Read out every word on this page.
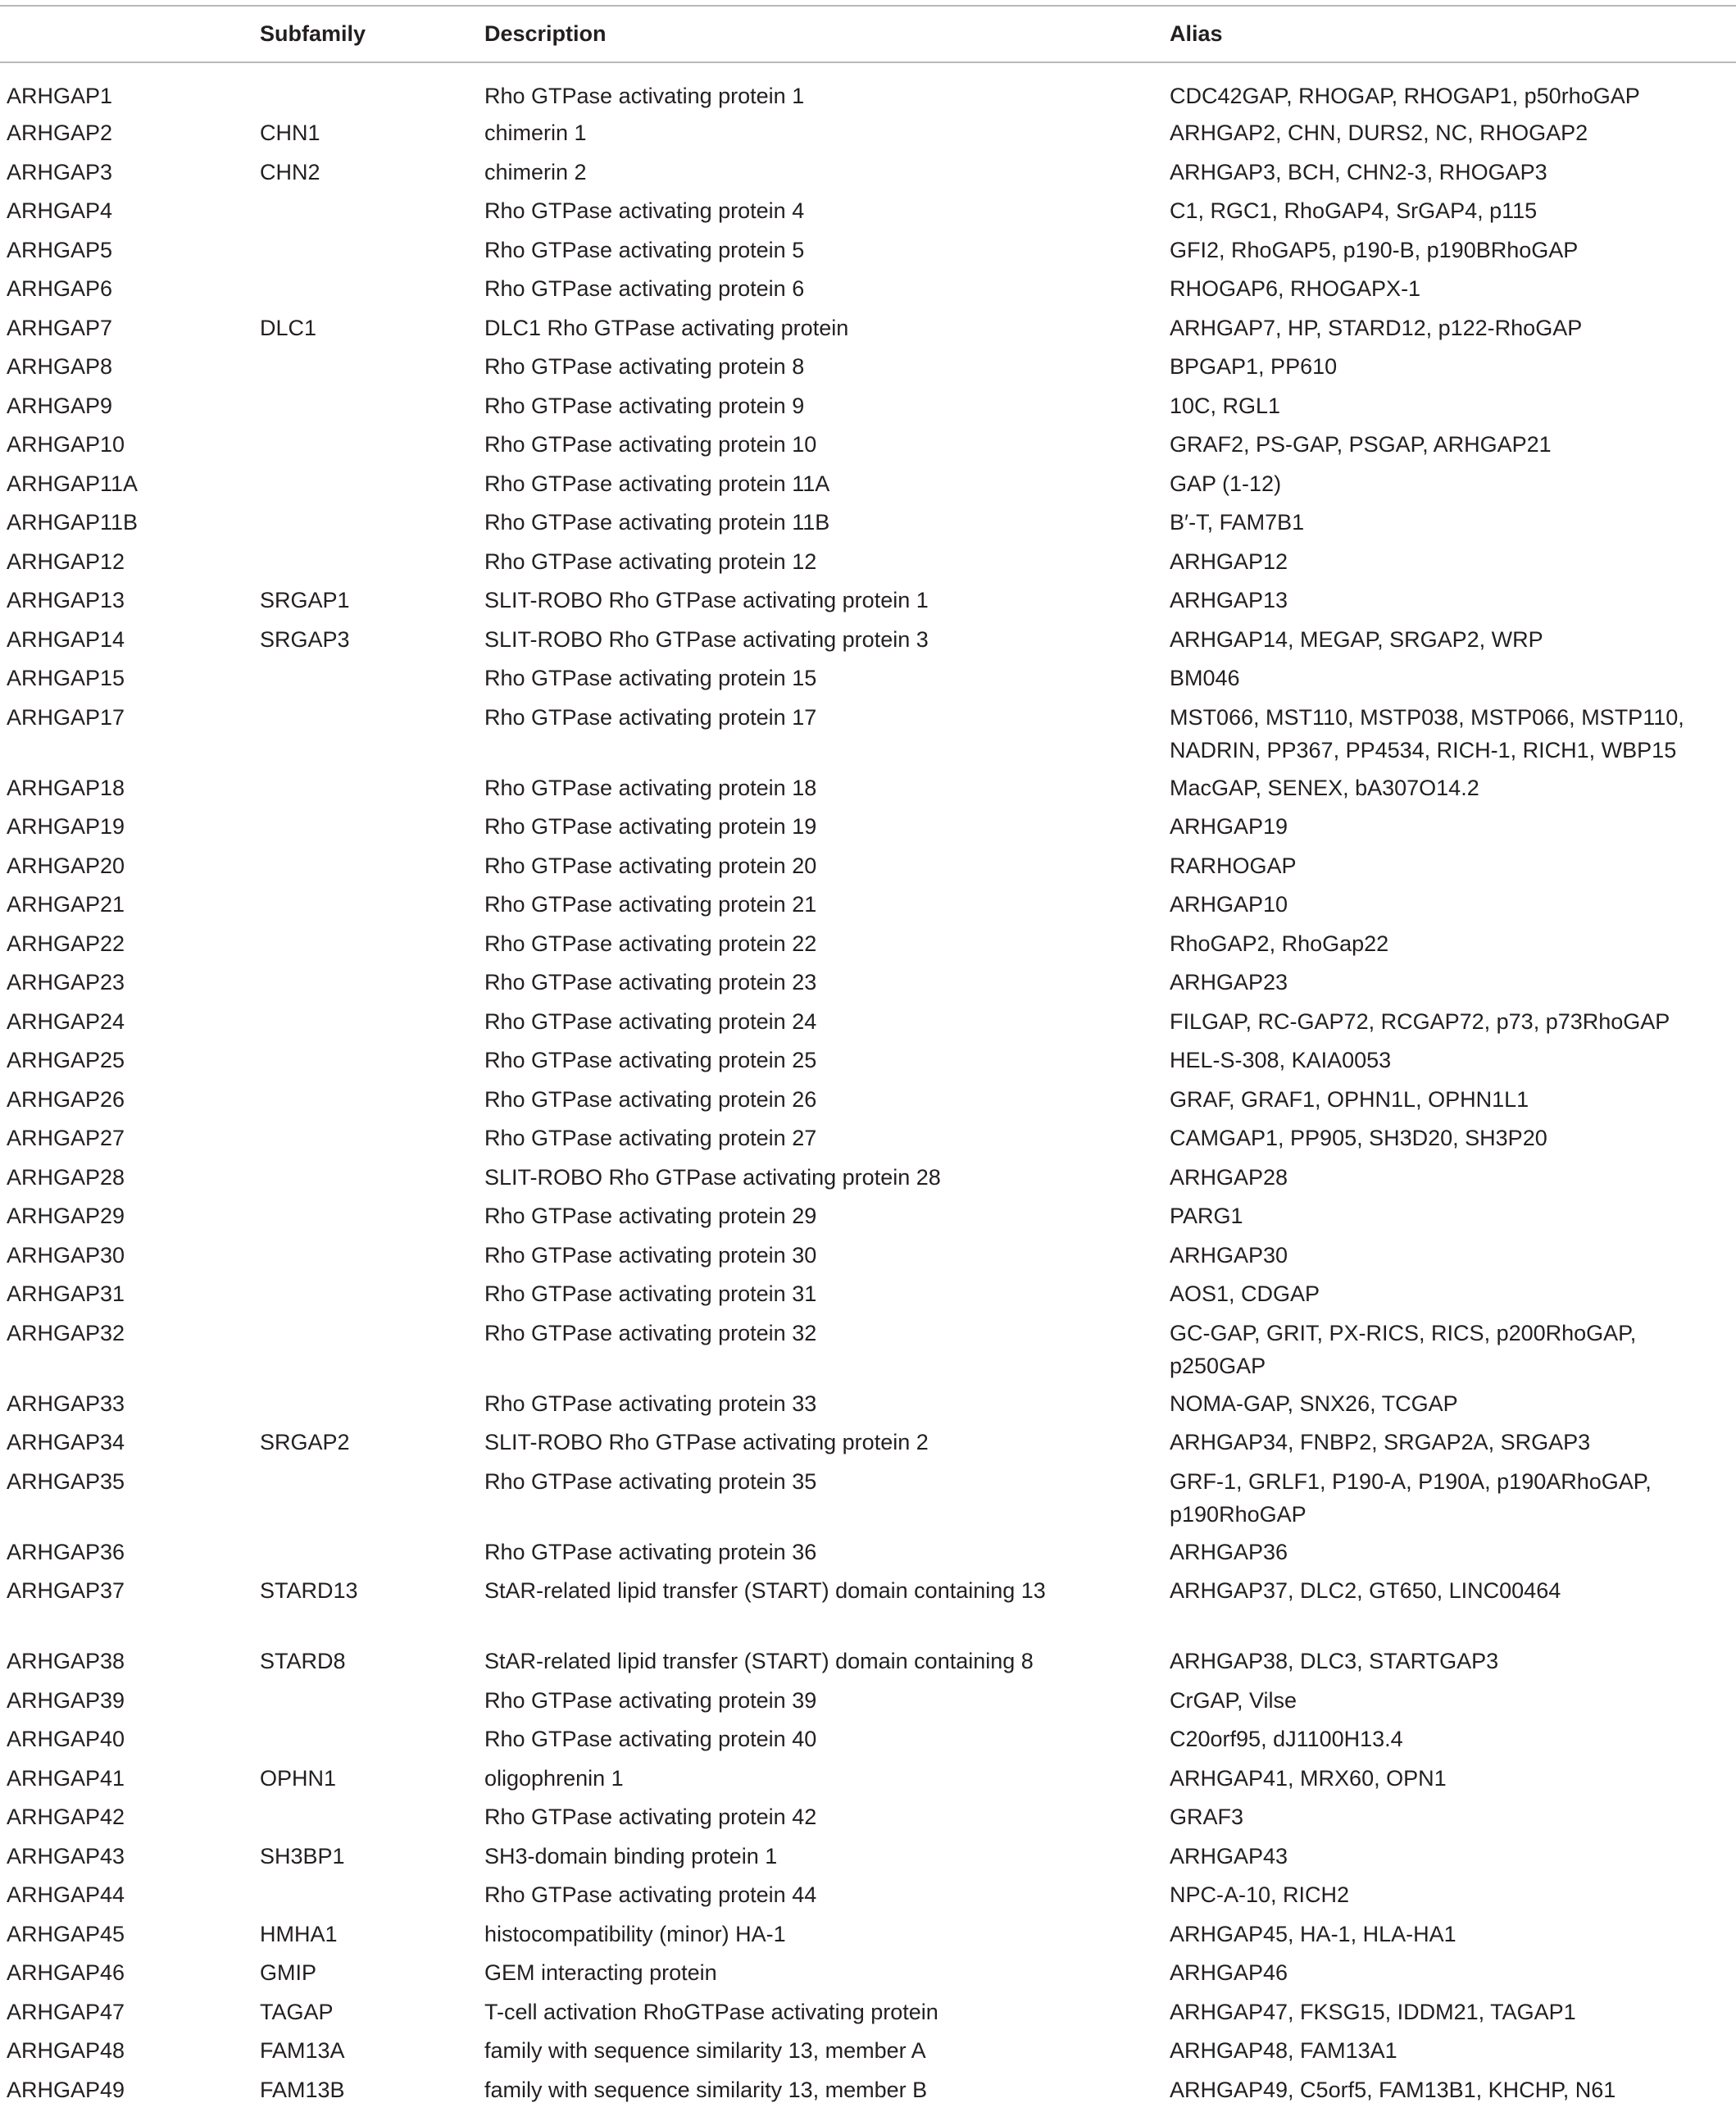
	Subfamily	Description	Alias
ARHGAP1		Rho GTPase activating protein 1	CDC42GAP, RHOGAP, RHOGAP1, p50rhoGAP
ARHGAP2	CHN1	chimerin 1	ARHGAP2, CHN, DURS2, NC, RHOGAP2
ARHGAP3	CHN2	chimerin 2	ARHGAP3, BCH, CHN2-3, RHOGAP3
ARHGAP4		Rho GTPase activating protein 4	C1, RGC1, RhoGAP4, SrGAP4, p115
ARHGAP5		Rho GTPase activating protein 5	GFI2, RhoGAP5, p190-B, p190BRhoGAP
ARHGAP6		Rho GTPase activating protein 6	RHOGAP6, RHOGAPX-1
ARHGAP7	DLC1	DLC1 Rho GTPase activating protein	ARHGAP7, HP, STARD12, p122-RhoGAP
ARHGAP8		Rho GTPase activating protein 8	BPGAP1, PP610
ARHGAP9		Rho GTPase activating protein 9	10C, RGL1
ARHGAP10		Rho GTPase activating protein 10	GRAF2, PS-GAP, PSGAP, ARHGAP21
ARHGAP11A		Rho GTPase activating protein 11A	GAP (1-12)
ARHGAP11B		Rho GTPase activating protein 11B	B′-T, FAM7B1
ARHGAP12		Rho GTPase activating protein 12	ARHGAP12
ARHGAP13	SRGAP1	SLIT-ROBO Rho GTPase activating protein 1	ARHGAP13
ARHGAP14	SRGAP3	SLIT-ROBO Rho GTPase activating protein 3	ARHGAP14, MEGAP, SRGAP2, WRP
ARHGAP15		Rho GTPase activating protein 15	BM046
ARHGAP17		Rho GTPase activating protein 17	MST066, MST110, MSTP038, MSTP066, MSTP110, NADRIN, PP367, PP4534, RICH-1, RICH1, WBP15
ARHGAP18		Rho GTPase activating protein 18	MacGAP, SENEX, bA307O14.2
ARHGAP19		Rho GTPase activating protein 19	ARHGAP19
ARHGAP20		Rho GTPase activating protein 20	RARHOGAP
ARHGAP21		Rho GTPase activating protein 21	ARHGAP10
ARHGAP22		Rho GTPase activating protein 22	RhoGAP2, RhoGap22
ARHGAP23		Rho GTPase activating protein 23	ARHGAP23
ARHGAP24		Rho GTPase activating protein 24	FILGAP, RC-GAP72, RCGAP72, p73, p73RhoGAP
ARHGAP25		Rho GTPase activating protein 25	HEL-S-308, KAIA0053
ARHGAP26		Rho GTPase activating protein 26	GRAF, GRAF1, OPHN1L, OPHN1L1
ARHGAP27		Rho GTPase activating protein 27	CAMGAP1, PP905, SH3D20, SH3P20
ARHGAP28		SLIT-ROBO Rho GTPase activating protein 28	ARHGAP28
ARHGAP29		Rho GTPase activating protein 29	PARG1
ARHGAP30		Rho GTPase activating protein 30	ARHGAP30
ARHGAP31		Rho GTPase activating protein 31	AOS1, CDGAP
ARHGAP32		Rho GTPase activating protein 32	GC-GAP, GRIT, PX-RICS, RICS, p200RhoGAP, p250GAP
ARHGAP33		Rho GTPase activating protein 33	NOMA-GAP, SNX26, TCGAP
ARHGAP34	SRGAP2	SLIT-ROBO Rho GTPase activating protein 2	ARHGAP34, FNBP2, SRGAP2A, SRGAP3
ARHGAP35		Rho GTPase activating protein 35	GRF-1, GRLF1, P190-A, P190A, p190ARhoGAP, p190RhoGAP
ARHGAP36		Rho GTPase activating protein 36	ARHGAP36
ARHGAP37	STARD13	StAR-related lipid transfer (START) domain containing 13	ARHGAP37, DLC2, GT650, LINC00464
ARHGAP38	STARD8	StAR-related lipid transfer (START) domain containing 8	ARHGAP38, DLC3, STARTGAP3
ARHGAP39		Rho GTPase activating protein 39	CrGAP, Vilse
ARHGAP40		Rho GTPase activating protein 40	C20orf95, dJ1100H13.4
ARHGAP41	OPHN1	oligophrenin 1	ARHGAP41, MRX60, OPN1
ARHGAP42		Rho GTPase activating protein 42	GRAF3
ARHGAP43	SH3BP1	SH3-domain binding protein 1	ARHGAP43
ARHGAP44		Rho GTPase activating protein 44	NPC-A-10, RICH2
ARHGAP45	HMHA1	histocompatibility (minor) HA-1	ARHGAP45, HA-1, HLA-HA1
ARHGAP46	GMIP	GEM interacting protein	ARHGAP46
ARHGAP47	TAGAP	T-cell activation RhoGTPase activating protein	ARHGAP47, FKSG15, IDDM21, TAGAP1
ARHGAP48	FAM13A	family with sequence similarity 13, member A	ARHGAP48, FAM13A1
ARHGAP49	FAM13B	family with sequence similarity 13, member B	ARHGAP49, C5orf5, FAM13B1, KHCHP, N61
